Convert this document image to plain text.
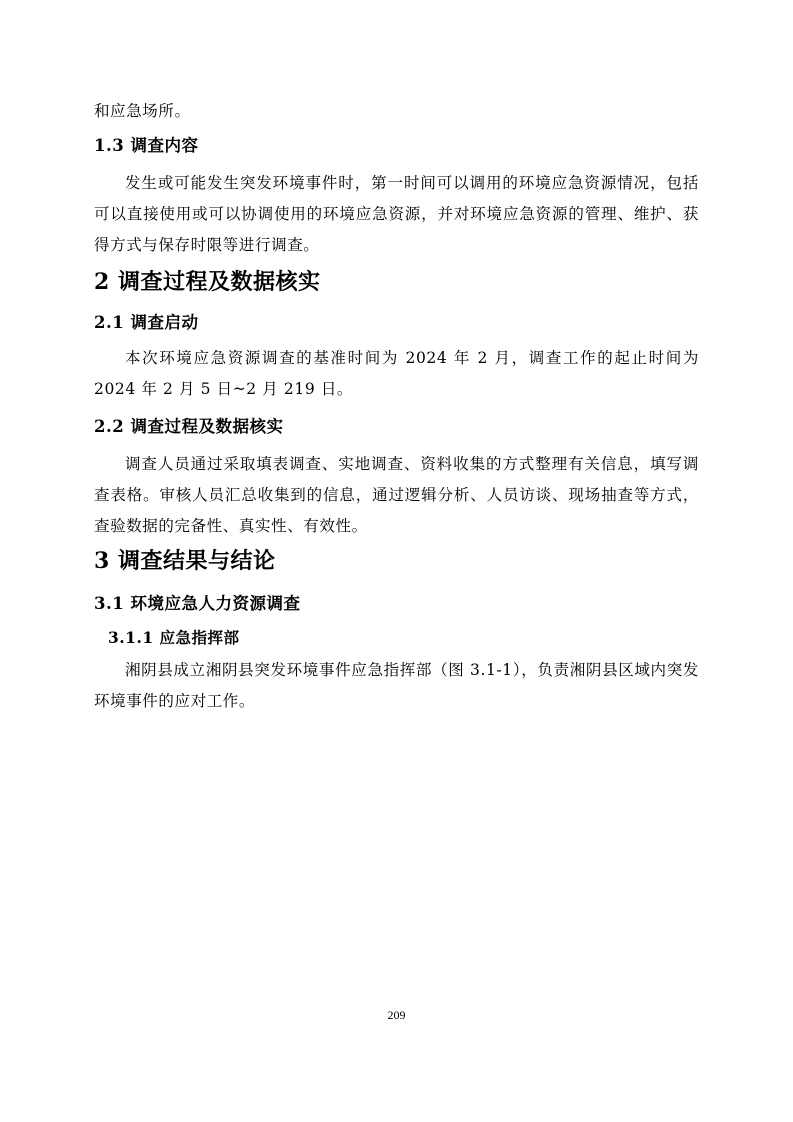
和应急场所。

1.3 调查内容

发生或可能发生突发环境事件时，第一时间可以调用的环境应急资源情况，包括可以直接使用或可以协调使用的环境应急资源，并对环境应急资源的管理、维护、获得方式与保存时限等进行调查。

2 调查过程及数据核实
2.1 调查启动

本次环境应急资源调查的基准时间为 2024 年 2 月，调查工作的起止时间为 2024 年 2 月 5 日~2 月 219 日。

2.2 调查过程及数据核实

调查人员通过采取填表调查、实地调查、资料收集的方式整理有关信息，填写调查表格。审核人员汇总收集到的信息，通过逻辑分析、人员访谈、现场抽查等方式，查验数据的完备性、真实性、有效性。

3 调查结果与结论
3.1 环境应急人力资源调查
3.1.1 应急指挥部

湘阴县成立湘阴县突发环境事件应急指挥部（图 3.1-1），负责湘阴县区域内突发环境事件的应对工作。

209
